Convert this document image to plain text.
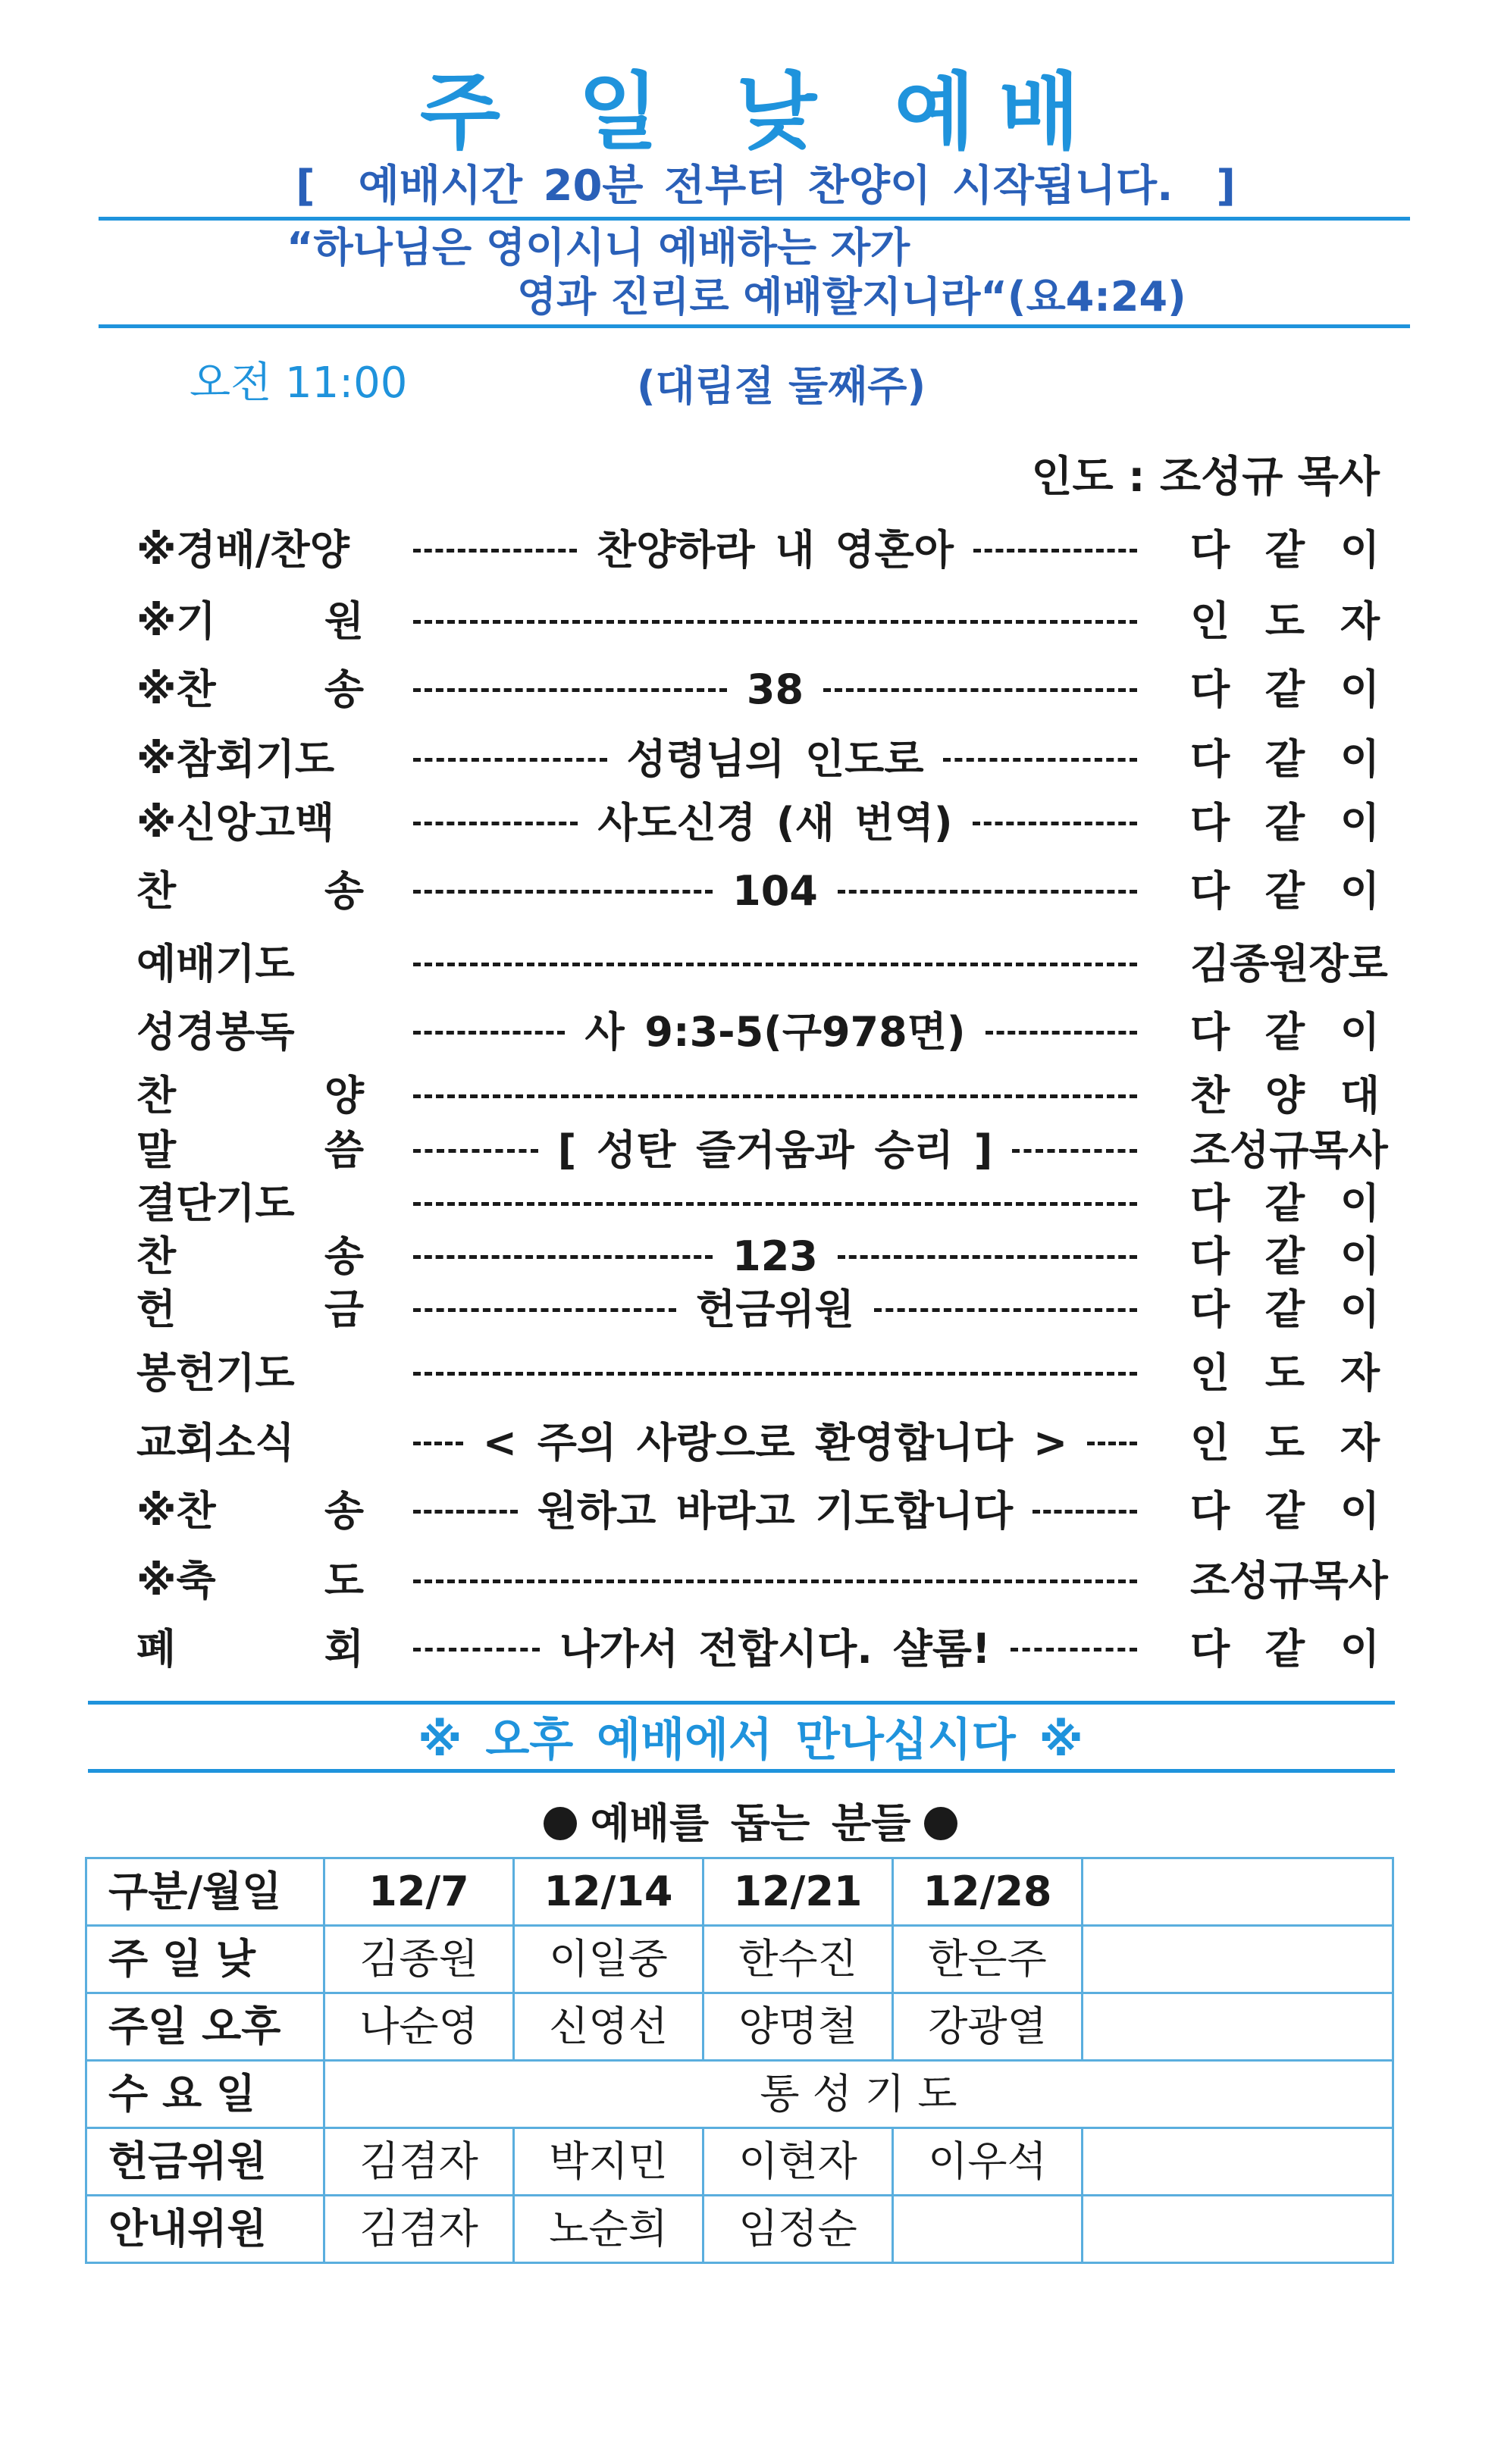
주 일 낮 예배
[ 예배시간 20분 전부터 찬양이 시작됩니다. ]
“하나님은 영이시니 예배하는 자가
영과 진리로 예배할지니라“(요4:24)
오전 11:00	(대림절 둘째주)
인도 : 조성규 목사
※경배/찬양	찬양하라 내 영혼아	다 같 이
※기	원	인 도 자
※찬	송	38	다 같 이
※참회기도	성령님의 인도로	다 같 이
※신앙고백	사도신경 (새 번역)	다 같 이
찬	송	104	다 같 이
예배기도	김종원장로
성경봉독	사 9:3-5(구978면)	다 같 이
찬	양	찬 양 대
말	씀	[ 성탄 즐거움과 승리 ]	조성규목사
결단기도	다 같 이
찬	송	123	다 같 이
헌	금	헌금위원	다 같 이
봉헌기도	인 도 자
교회소식	< 주의 사랑으로 환영합니다 >	인 도 자
※찬	송	원하고 바라고 기도합니다	다 같 이
※축	도	조성규목사
폐	회	나가서 전합시다. 샬롬!	다 같 이
※ 오후 예배에서 만나십시다 ※
예배를 돕는 분들
구분/월일	12/7	12/14	12/21	12/28	
주 일 낮	김종원	이일중	한수진	한은주	
주일 오후	나순영	신영선	양명철	강광열	
수 요 일	통 성 기 도				
헌금위원	김겸자	박지민	이현자	이우석	
안내위원	김겸자	노순희	임정순		
